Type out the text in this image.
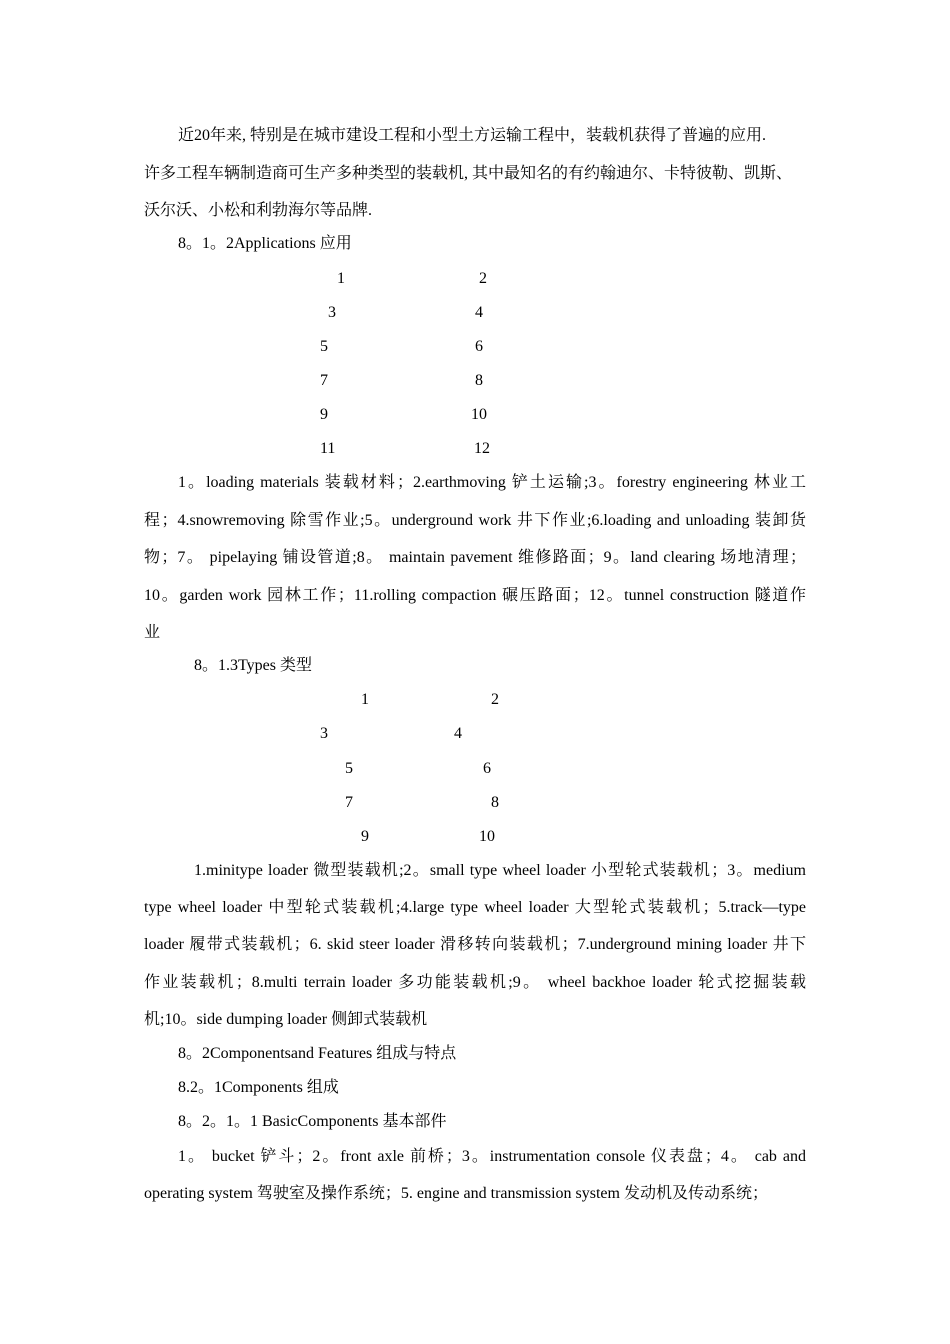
近20年来, 特别是在城市建设工程和小型土方运输工程中，装载机获得了普遍的应用.
许多工程车辆制造商可生产多种类型的装载机, 其中最知名的有约翰迪尔、卡特彼勒、凯斯、
沃尔沃、小松和利勃海尔等品牌.
8。1。2Applications 应用
1	2
3	4
5	6
7	8
9	10
11	12
1。loading materials 装载材料；2.earthmoving 铲土运输;3。forestry engineering 林业工
程；4.snowremoving 除雪作业;5。underground work 井下作业;6.loading and unloading 装卸货
物；7。 pipelaying 铺设管道;8。 maintain pavement 维修路面；9。land clearing 场地清理；
10。garden work 园林工作；11.rolling compaction 碾压路面；12。tunnel construction 隧道作
业
8。1.3Types 类型
1	2
3	4
5	6
7	8
9	10
1.minitype loader 微型装载机;2。small type wheel loader 小型轮式装载机；3。medium
type wheel loader 中型轮式装载机;4.large type wheel loader 大型轮式装载机；5.track—type
loader 履带式装载机；6. skid steer loader 滑移转向装载机；7.underground mining loader 井下
作业装载机；8.multi terrain loader 多功能装载机;9。 wheel backhoe loader 轮式挖掘装载
机;10。side dumping loader 侧卸式装载机
8。2Componentsand Features 组成与特点
8.2。1Components 组成
8。2。1。1 BasicComponents 基本部件
1。 bucket 铲斗；2。front axle 前桥；3。instrumentation console 仪表盘；4。 cab and
operating system 驾驶室及操作系统；5. engine and transmission system 发动机及传动系统；
